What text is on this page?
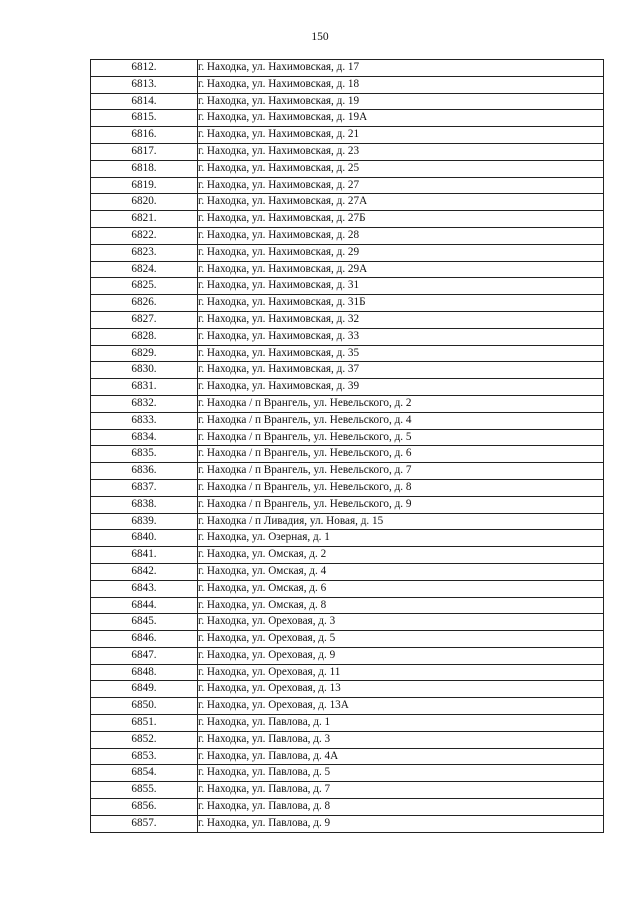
150
6812.	г. Находка, ул. Нахимовская, д. 17
6813.	г. Находка, ул. Нахимовская, д. 18
6814.	г. Находка, ул. Нахимовская, д. 19
6815.	г. Находка, ул. Нахимовская, д. 19А
6816.	г. Находка, ул. Нахимовская, д. 21
6817.	г. Находка, ул. Нахимовская, д. 23
6818.	г. Находка, ул. Нахимовская, д. 25
6819.	г. Находка, ул. Нахимовская, д. 27
6820.	г. Находка, ул. Нахимовская, д. 27А
6821.	г. Находка, ул. Нахимовская, д. 27Б
6822.	г. Находка, ул. Нахимовская, д. 28
6823.	г. Находка, ул. Нахимовская, д. 29
6824.	г. Находка, ул. Нахимовская, д. 29А
6825.	г. Находка, ул. Нахимовская, д. 31
6826.	г. Находка, ул. Нахимовская, д. 31Б
6827.	г. Находка, ул. Нахимовская, д. 32
6828.	г. Находка, ул. Нахимовская, д. 33
6829.	г. Находка, ул. Нахимовская, д. 35
6830.	г. Находка, ул. Нахимовская, д. 37
6831.	г. Находка, ул. Нахимовская, д. 39
6832.	г. Находка / п Врангель, ул. Невельского, д. 2
6833.	г. Находка / п Врангель, ул. Невельского, д. 4
6834.	г. Находка / п Врангель, ул. Невельского, д. 5
6835.	г. Находка / п Врангель, ул. Невельского, д. 6
6836.	г. Находка / п Врангель, ул. Невельского, д. 7
6837.	г. Находка / п Врангель, ул. Невельского, д. 8
6838.	г. Находка / п Врангель, ул. Невельского, д. 9
6839.	г. Находка / п Ливадия, ул. Новая, д. 15
6840.	г. Находка, ул. Озерная, д. 1
6841.	г. Находка, ул. Омская, д. 2
6842.	г. Находка, ул. Омская, д. 4
6843.	г. Находка, ул. Омская, д. 6
6844.	г. Находка, ул. Омская, д. 8
6845.	г. Находка, ул. Ореховая, д. 3
6846.	г. Находка, ул. Ореховая, д. 5
6847.	г. Находка, ул. Ореховая, д. 9
6848.	г. Находка, ул. Ореховая, д. 11
6849.	г. Находка, ул. Ореховая, д. 13
6850.	г. Находка, ул. Ореховая, д. 13А
6851.	г. Находка, ул. Павлова, д. 1
6852.	г. Находка, ул. Павлова, д. 3
6853.	г. Находка, ул. Павлова, д. 4А
6854.	г. Находка, ул. Павлова, д. 5
6855.	г. Находка, ул. Павлова, д. 7
6856.	г. Находка, ул. Павлова, д. 8
6857.	г. Находка, ул. Павлова, д. 9
